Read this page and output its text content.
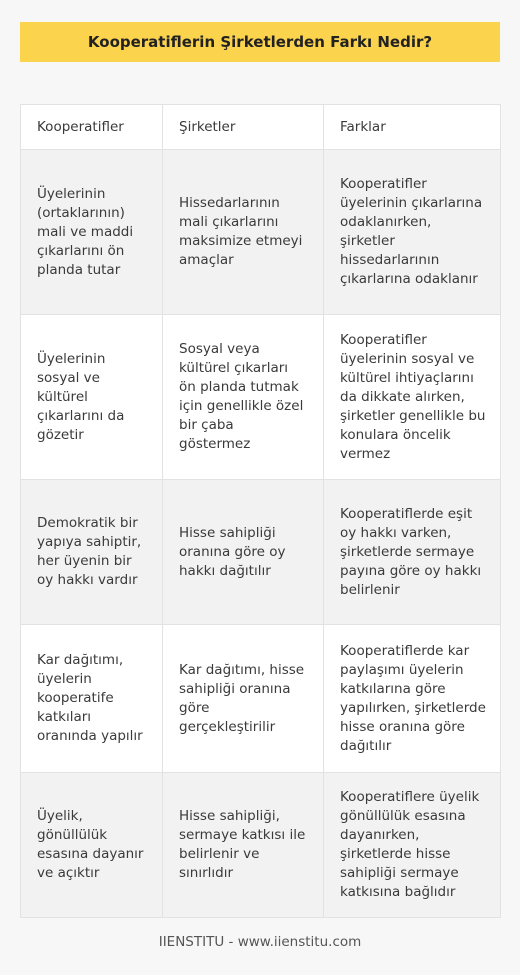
Kooperatiflerin Şirketlerden Farkı Nedir?
Kooperatifler	Şirketler	Farklar
Üyelerinin (ortaklarının) mali ve maddi çıkarlarını ön planda tutar	Hissedarlarının mali çıkarlarını maksimize etmeyi amaçlar	Kooperatifler üyelerinin çıkarlarına odaklanırken, şirketler hissedarlarının çıkarlarına odaklanır
Üyelerinin sosyal ve kültürel çıkarlarını da gözetir	Sosyal veya kültürel çıkarları ön planda tutmak için genellikle özel bir çaba göstermez	Kooperatifler üyelerinin sosyal ve kültürel ihtiyaçlarını da dikkate alırken, şirketler genellikle bu konulara öncelik vermez
Demokratik bir yapıya sahiptir, her üyenin bir oy hakkı vardır	Hisse sahipliği oranına göre oy hakkı dağıtılır	Kooperatiflerde eşit oy hakkı varken, şirketlerde sermaye payına göre oy hakkı belirlenir
Kar dağıtımı, üyelerin kooperatife katkıları oranında yapılır	Kar dağıtımı, hisse sahipliği oranına göre gerçekleştirilir	Kooperatiflerde kar paylaşımı üyelerin katkılarına göre yapılırken, şirketlerde hisse oranına göre dağıtılır
Üyelik, gönüllülük esasına dayanır ve açıktır	Hisse sahipliği, sermaye katkısı ile belirlenir ve sınırlıdır	Kooperatiflere üyelik gönüllülük esasına dayanırken, şirketlerde hisse sahipliği sermaye katkısına bağlıdır
IIENSTITU - www.iienstitu.com
